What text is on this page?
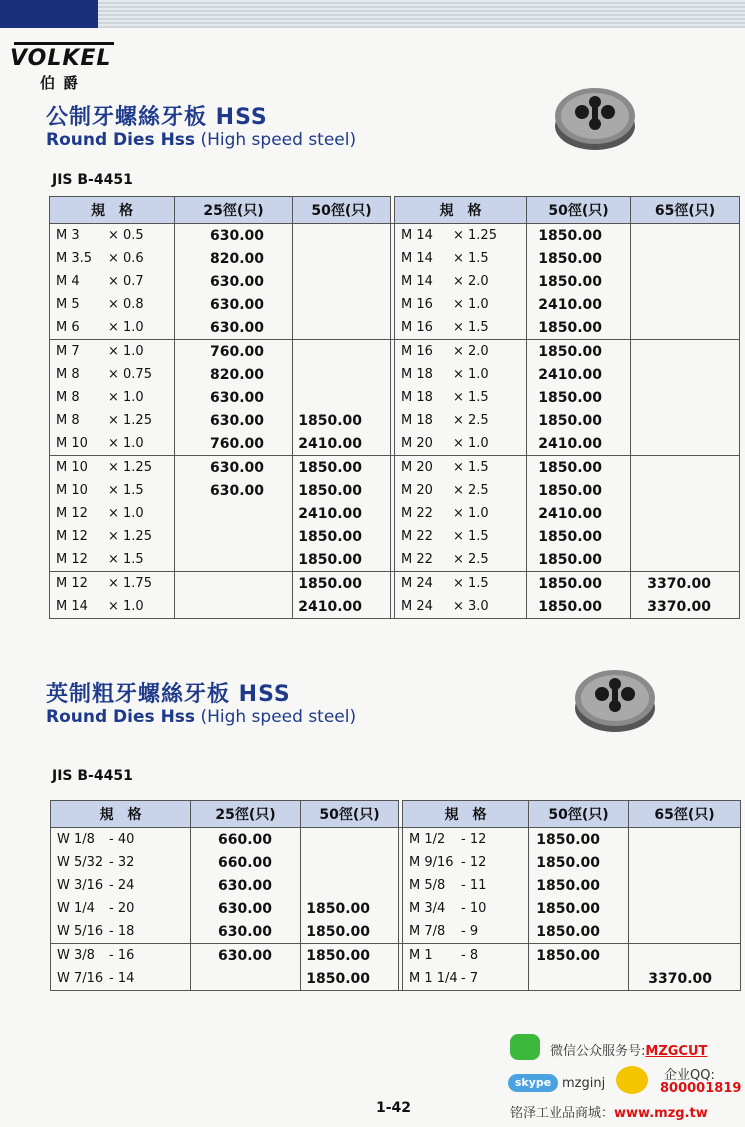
VOLKEL
伯爵
公制牙螺絲牙板 HSS
Round Dies Hss (High speed steel)
JIS B-4451
規　格	25徑(只)	50徑(只)		規　格	50徑(只)	65徑(只)
M 3 × 0.5	630.00			M 14 × 1.25	1850.00	
M 3.5 × 0.6	820.00			M 14 × 1.5	1850.00	
M 4 × 0.7	630.00			M 14 × 2.0	1850.00	
M 5 × 0.8	630.00			M 16 × 1.0	2410.00	
M 6 × 1.0	630.00			M 16 × 1.5	1850.00	
M 7 × 1.0	760.00			M 16 × 2.0	1850.00	
M 8 × 0.75	820.00			M 18 × 1.0	2410.00	
M 8 × 1.0	630.00			M 18 × 1.5	1850.00	
M 8 × 1.25	630.00	1850.00		M 18 × 2.5	1850.00	
M 10 × 1.0	760.00	2410.00		M 20 × 1.0	2410.00	
M 10 × 1.25	630.00	1850.00		M 20 × 1.5	1850.00	
M 10 × 1.5	630.00	1850.00		M 20 × 2.5	1850.00	
M 12 × 1.0		2410.00		M 22 × 1.0	2410.00	
M 12 × 1.25		1850.00		M 22 × 1.5	1850.00	
M 12 × 1.5		1850.00		M 22 × 2.5	1850.00	
M 12 × 1.75		1850.00		M 24 × 1.5	1850.00	3370.00
M 14 × 1.0		2410.00		M 24 × 3.0	1850.00	3370.00
英制粗牙螺絲牙板 HSS
Round Dies Hss (High speed steel)
JIS B-4451
規　格	25徑(只)	50徑(只)		規　格	50徑(只)	65徑(只)
W 1/8 - 40	660.00			M 1/2 - 12	1850.00	
W 5/32 - 32	660.00			M 9/16 - 12	1850.00	
W 3/16 - 24	630.00			M 5/8 - 11	1850.00	
W 1/4 - 20	630.00	1850.00		M 3/4 - 10	1850.00	
W 5/16 - 18	630.00	1850.00		M 7/8 - 9	1850.00	
W 3/8 - 16	630.00	1850.00		M 1 - 8	1850.00	
W 7/16 - 14		1850.00		M 1 1/4 - 7		3370.00
微信公众服务号:MZGCUT
企业QQ:
skype mzginj	800001819
铭泽工业品商城：www.mzg.tw
1-42
